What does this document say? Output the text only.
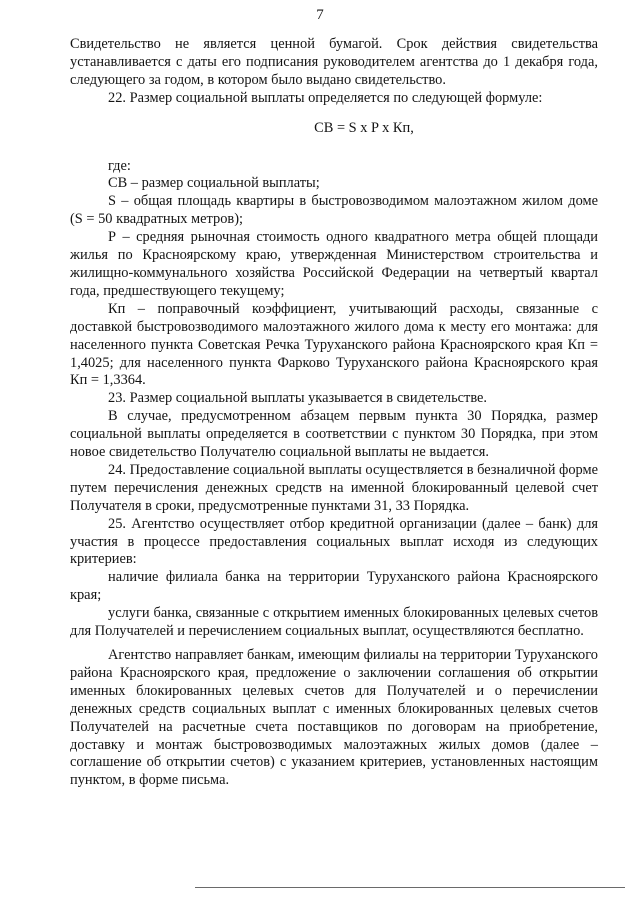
7

Свидетельство не является ценной бумагой. Срок действия свидетельства устанавливается с даты его подписания руководителем агентства до 1 декабря года, следующего за годом, в котором было выдано свидетельство.

22. Размер социальной выплаты определяется по следующей формуле:

СВ = S x P x Кп,

где:

СВ – размер социальной выплаты;

S – общая площадь квартиры в быстровозводимом малоэтажном жилом доме (S = 50 квадратных метров);

Р – средняя рыночная стоимость одного квадратного метра общей площади жилья по Красноярскому краю, утвержденная Министерством строительства и жилищно-коммунального хозяйства Российской Федерации на четвертый квартал года, предшествующего текущему;

Кп – поправочный коэффициент, учитывающий расходы, связанные с доставкой быстровозводимого малоэтажного жилого дома к месту его монтажа: для населенного пункта Советская Речка Туруханского района Красноярского края Кп = 1,4025; для населенного пункта Фарково Туруханского района Красноярского края Кп = 1,3364.

23. Размер социальной выплаты указывается в свидетельстве.

В случае, предусмотренном абзацем первым пункта 30 Порядка, размер социальной выплаты определяется в соответствии с пунктом 30 Порядка, при этом новое свидетельство Получателю социальной выплаты не выдается.

24. Предоставление социальной выплаты осуществляется в безналичной форме путем перечисления денежных средств на именной блокированный целевой счет Получателя в сроки, предусмотренные пунктами 31, 33 Порядка.

25. Агентство осуществляет отбор кредитной организации (далее – банк) для участия в процессе предоставления социальных выплат исходя из следующих критериев:

наличие филиала банка на территории Туруханского района Красноярского края;

услуги банка, связанные с открытием именных блокированных целевых счетов для Получателей и перечислением социальных выплат, осуществляются бесплатно.

Агентство направляет банкам, имеющим филиалы на территории Туруханского района Красноярского края, предложение о заключении соглашения об открытии именных блокированных целевых счетов для Получателей и о перечислении денежных средств социальных выплат с именных блокированных целевых счетов Получателей на расчетные счета поставщиков по договорам на приобретение, доставку и монтаж быстровозводимых малоэтажных жилых домов (далее – соглашение об открытии счетов) с указанием критериев, установленных настоящим пунктом, в форме письма.
